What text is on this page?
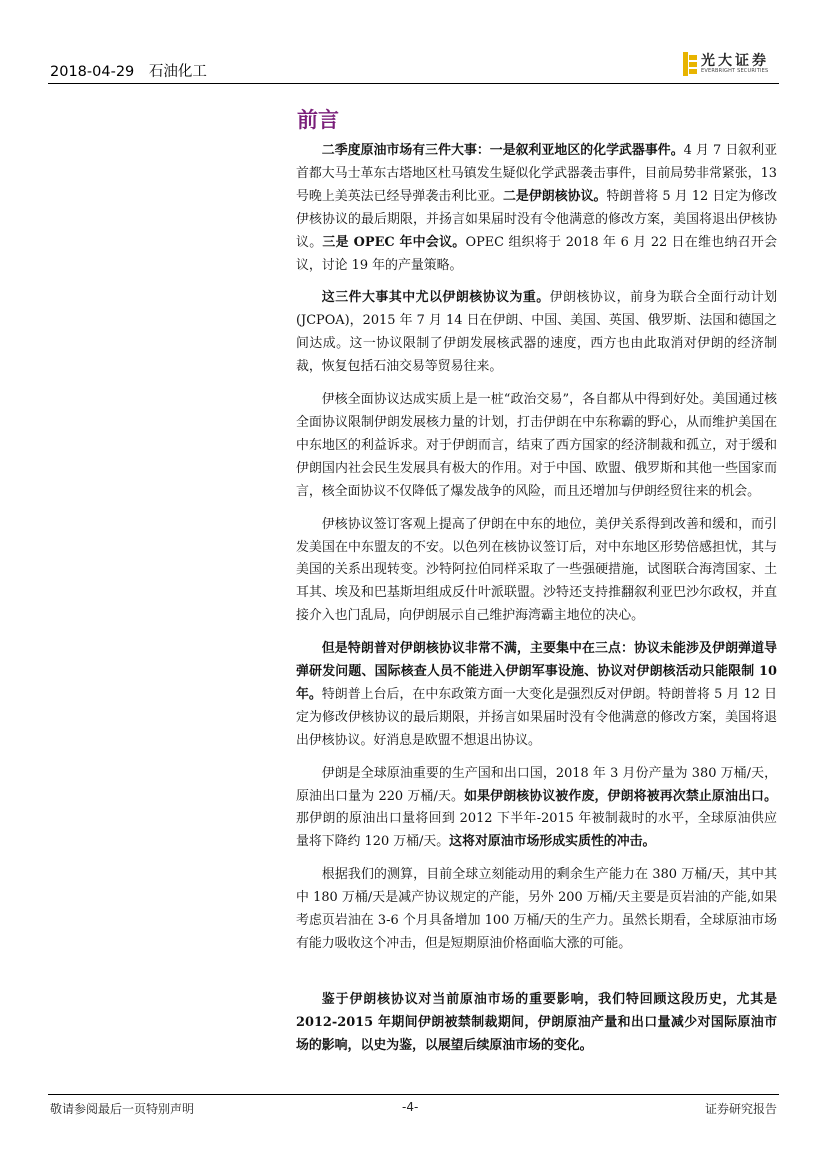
2018-04-29 石油化工
光大证券
EVERBRIGHT SECURITIES
前言

二季度原油市场有三件大事：一是叙利亚地区的化学武器事件。4 月 7 日叙利亚首都大马士革东古塔地区杜马镇发生疑似化学武器袭击事件，目前局势非常紧张，13 号晚上美英法已经导弹袭击利比亚。二是伊朗核协议。特朗普将 5 月 12 日定为修改伊核协议的最后期限，并扬言如果届时没有令他满意的修改方案，美国将退出伊核协议。三是 OPEC 年中会议。OPEC 组织将于 2018 年 6 月 22 日在维也纳召开会议，讨论 19 年的产量策略。

这三件大事其中尤以伊朗核协议为重。伊朗核协议，前身为联合全面行动计划(JCPOA)，2015 年 7 月 14 日在伊朗、中国、美国、英国、俄罗斯、法国和德国之间达成。这一协议限制了伊朗发展核武器的速度，西方也由此取消对伊朗的经济制裁，恢复包括石油交易等贸易往来。

伊核全面协议达成实质上是一桩“政治交易”，各自都从中得到好处。美国通过核全面协议限制伊朗发展核力量的计划，打击伊朗在中东称霸的野心，从而维护美国在中东地区的利益诉求。对于伊朗而言，结束了西方国家的经济制裁和孤立，对于缓和伊朗国内社会民生发展具有极大的作用。对于中国、欧盟、俄罗斯和其他一些国家而言，核全面协议不仅降低了爆发战争的风险，而且还增加与伊朗经贸往来的机会。

伊核协议签订客观上提高了伊朗在中东的地位，美伊关系得到改善和缓和，而引发美国在中东盟友的不安。以色列在核协议签订后，对中东地区形势倍感担忧，其与美国的关系出现转变。沙特阿拉伯同样采取了一些强硬措施，试图联合海湾国家、土耳其、埃及和巴基斯坦组成反什叶派联盟。沙特还支持推翻叙利亚巴沙尔政权，并直接介入也门乱局，向伊朗展示自己维护海湾霸主地位的决心。

但是特朗普对伊朗核协议非常不满，主要集中在三点：协议未能涉及伊朗弹道导弹研发问题、国际核查人员不能进入伊朗军事设施、协议对伊朗核活动只能限制 10 年。特朗普上台后，在中东政策方面一大变化是强烈反对伊朗。特朗普将 5 月 12 日定为修改伊核协议的最后期限，并扬言如果届时没有令他满意的修改方案，美国将退出伊核协议。好消息是欧盟不想退出协议。

伊朗是全球原油重要的生产国和出口国，2018 年 3 月份产量为 380 万桶/天，原油出口量为 220 万桶/天。如果伊朗核协议被作废，伊朗将被再次禁止原油出口。那伊朗的原油出口量将回到 2012 下半年-2015 年被制裁时的水平，全球原油供应量将下降约 120 万桶/天。这将对原油市场形成实质性的冲击。

根据我们的测算，目前全球立刻能动用的剩余生产能力在 380 万桶/天，其中其中 180 万桶/天是减产协议规定的产能，另外 200 万桶/天主要是页岩油的产能,如果考虑页岩油在 3-6 个月具备增加 100 万桶/天的生产力。虽然长期看，全球原油市场有能力吸收这个冲击，但是短期原油价格面临大涨的可能。

鉴于伊朗核协议对当前原油市场的重要影响，我们特回顾这段历史，尤其是 2012-2015 年期间伊朗被禁制裁期间，伊朗原油产量和出口量减少对国际原油市场的影响，以史为鉴，以展望后续原油市场的变化。

敬请参阅最后一页特别声明	-4-	证券研究报告
